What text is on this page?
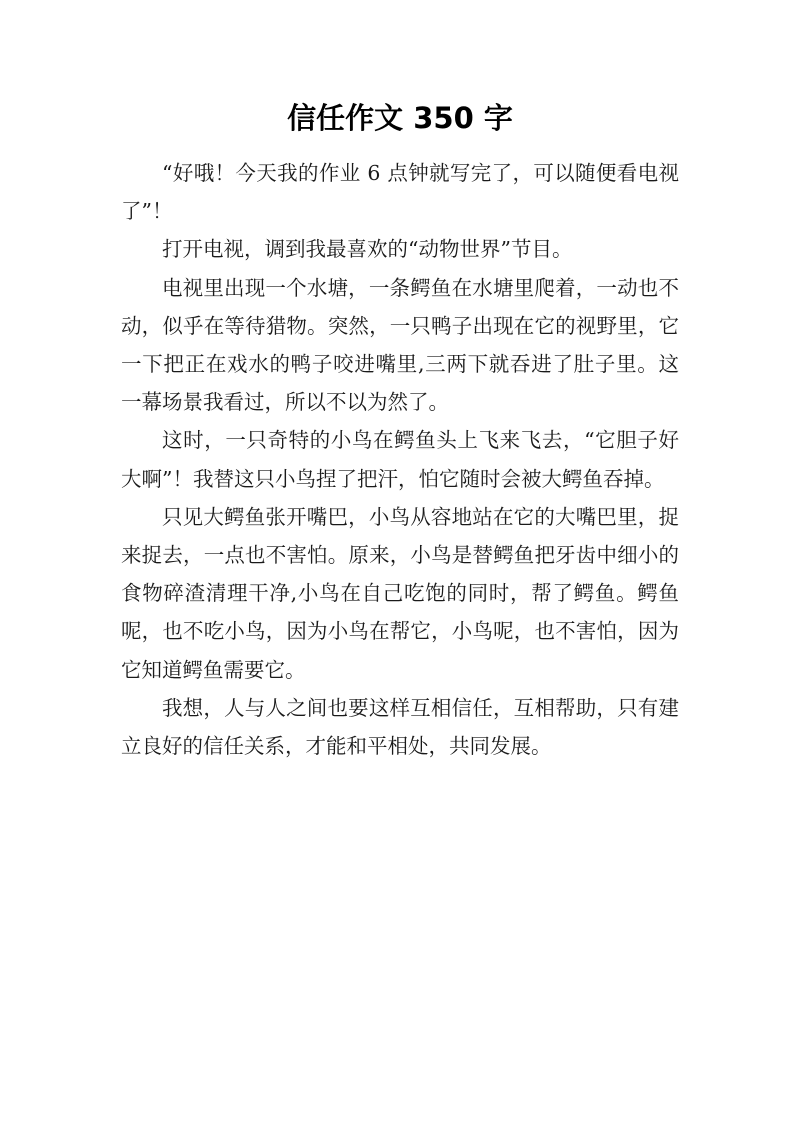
信任作文 350 字

“好哦！今天我的作业 6 点钟就写完了，可以随便看电视了”！

打开电视，调到我最喜欢的“动物世界”节目。

电视里出现一个水塘，一条鳄鱼在水塘里爬着，一动也不动，似乎在等待猎物。突然，一只鸭子出现在它的视野里，它一下把正在戏水的鸭子咬进嘴里,三两下就吞进了肚子里。这一幕场景我看过，所以不以为然了。

这时，一只奇特的小鸟在鳄鱼头上飞来飞去，“它胆子好大啊”！我替这只小鸟捏了把汗，怕它随时会被大鳄鱼吞掉。

只见大鳄鱼张开嘴巴，小鸟从容地站在它的大嘴巴里，捉来捉去，一点也不害怕。原来，小鸟是替鳄鱼把牙齿中细小的食物碎渣清理干净,小鸟在自己吃饱的同时，帮了鳄鱼。鳄鱼呢，也不吃小鸟，因为小鸟在帮它，小鸟呢，也不害怕，因为它知道鳄鱼需要它。

我想，人与人之间也要这样互相信任，互相帮助，只有建立良好的信任关系，才能和平相处，共同发展。
